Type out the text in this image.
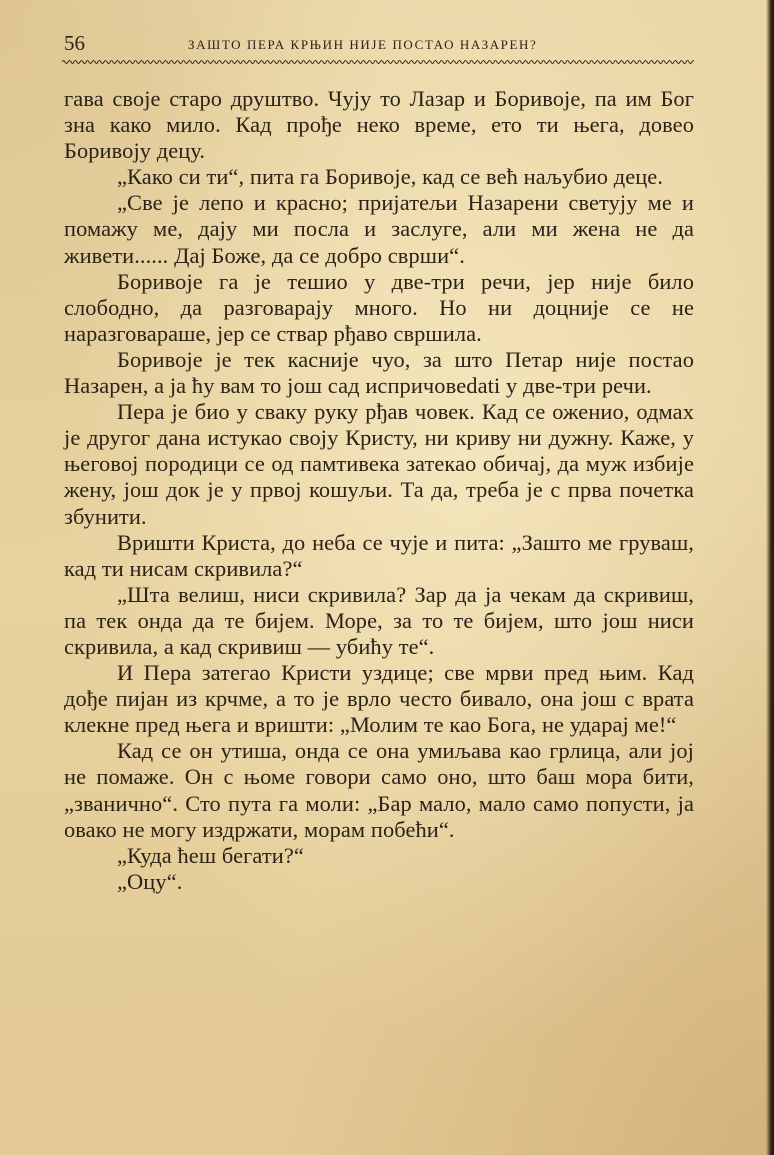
56	ЗАШТО ПЕРА КРЊИН НИЈЕ ПОСТАО НАЗАРЕН?

гава своје старо друштво. Чују то Лазар и Боривоје, па им Бог зна како мило. Кад прође неко време, ето ти њега, довео Боривоју децу.

„Како си ти“, пита га Боривоје, кад се већ наљубио деце.

„Све је лепо и красно; пријатељи Назарени светују ме и помажу ме, дају ми посла и заслуге, али ми жена не да живети...... Дај Боже, да се добро сврши“.

Боривоје га је тешио у две-три речи, јер није било слободно, да разговарају много. Но ни доцније се не наразговараше, јер се ствар рђаво свршила.

Боривоје је тек касније чуо, за што Петар није постао Назарен, а ја ћу вам то још сад испричовedati у две-три речи.

Пера је био у сваку руку рђав човек. Кад се оженио, одмах је другог дана истукао своју Кристу, ни криву ни дужну. Каже, у његовој породици се од памтивека затекао обичај, да муж избије жену, још док је у првој кошуљи. Та да, треба је с прва почетка збунити.

Вришти Криста, до неба се чује и пита: „Зашто ме груваш, кад ти нисам скривила?“

„Шта велиш, ниси скривила? Зар да ја чекам да скривиш, па тек онда да те бијем. Море, за то те бијем, што још ниси скривила, а кад скривиш — убићу те“.

И Пера затегао Кристи уздице; све мрви пред њим. Кад дође пијан из крчме, а то је врло често бивало, она још с врата клекне пред њега и вришти: „Молим те као Бога, не ударај ме!“

Кад се он утиша, онда се она умиљава као грлица, али јој не помаже. Он с њоме говори само оно, што баш мора бити, „званично“. Сто пута га моли: „Бар мало, мало само попусти, ја овако не могу издржати, морам побећи“.

„Куда ћеш бегати?“

„Оцу“.
